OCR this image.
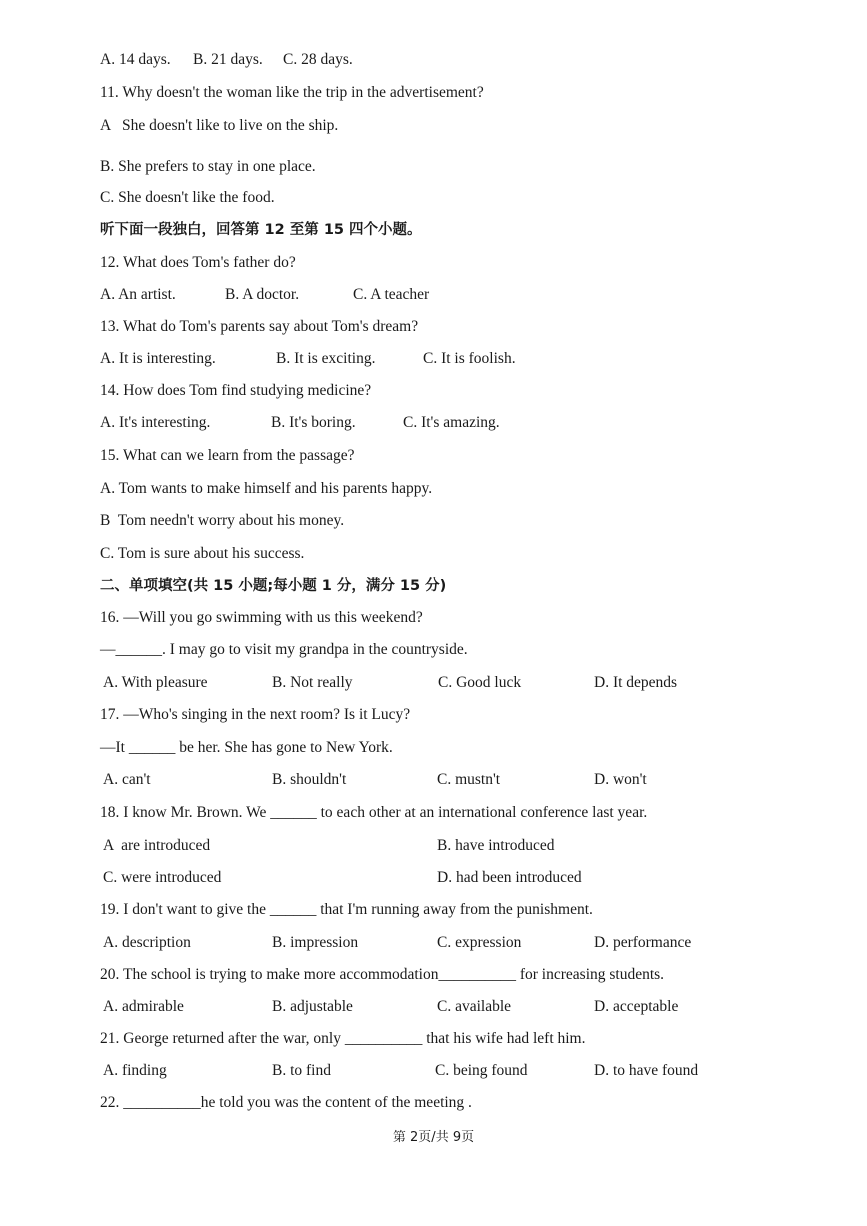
A. 14 days. B. 21 days. C. 28 days.
11. Why doesn't the woman like the trip in the advertisement?
A   She doesn't like to live on the ship.
B. She prefers to stay in one place.
C. She doesn't like the food.
听下面一段独白，回答第 12 至第 15 四个小题。
12. What does Tom's father do?
A. An artist.	B. A doctor.	C. A teacher
13. What do Tom's parents say about Tom's dream?
A. It is interesting.	B. It is exciting.	C. It is foolish.
14. How does Tom find studying medicine?
A. It's interesting.	B. It's boring.	C. It's amazing.
15. What can we learn from the passage?
A. Tom wants to make himself and his parents happy.
B  Tom needn't worry about his money.
C. Tom is sure about his success.
二、单项填空(共 15 小题;每小题 1 分，满分 15 分)
16. —Will you go swimming with us this weekend?
—______. I may go to visit my grandpa in the countryside.
A. With pleasure	B. Not really	C. Good luck	D. It depends
17. —Who's singing in the next room? Is it Lucy?
—It ______ be her. She has gone to New York.
A. can't	B. shouldn't	C. mustn't	D. won't
18. I know Mr. Brown. We ______ to each other at an international conference last year.
A  are introduced	B. have introduced
C. were introduced	D. had been introduced
19. I don't want to give the ______ that I'm running away from the punishment.
A. description	B. impression	C. expression	D. performance
20. The school is trying to make more accommodation__________ for increasing students.
A. admirable	B. adjustable	C. available	D. acceptable
21. George returned after the war, only __________ that his wife had left him.
A. finding	B. to find	C. being found	D. to have found
22. __________he told you was the content of the meeting .
第 2页/共 9页
